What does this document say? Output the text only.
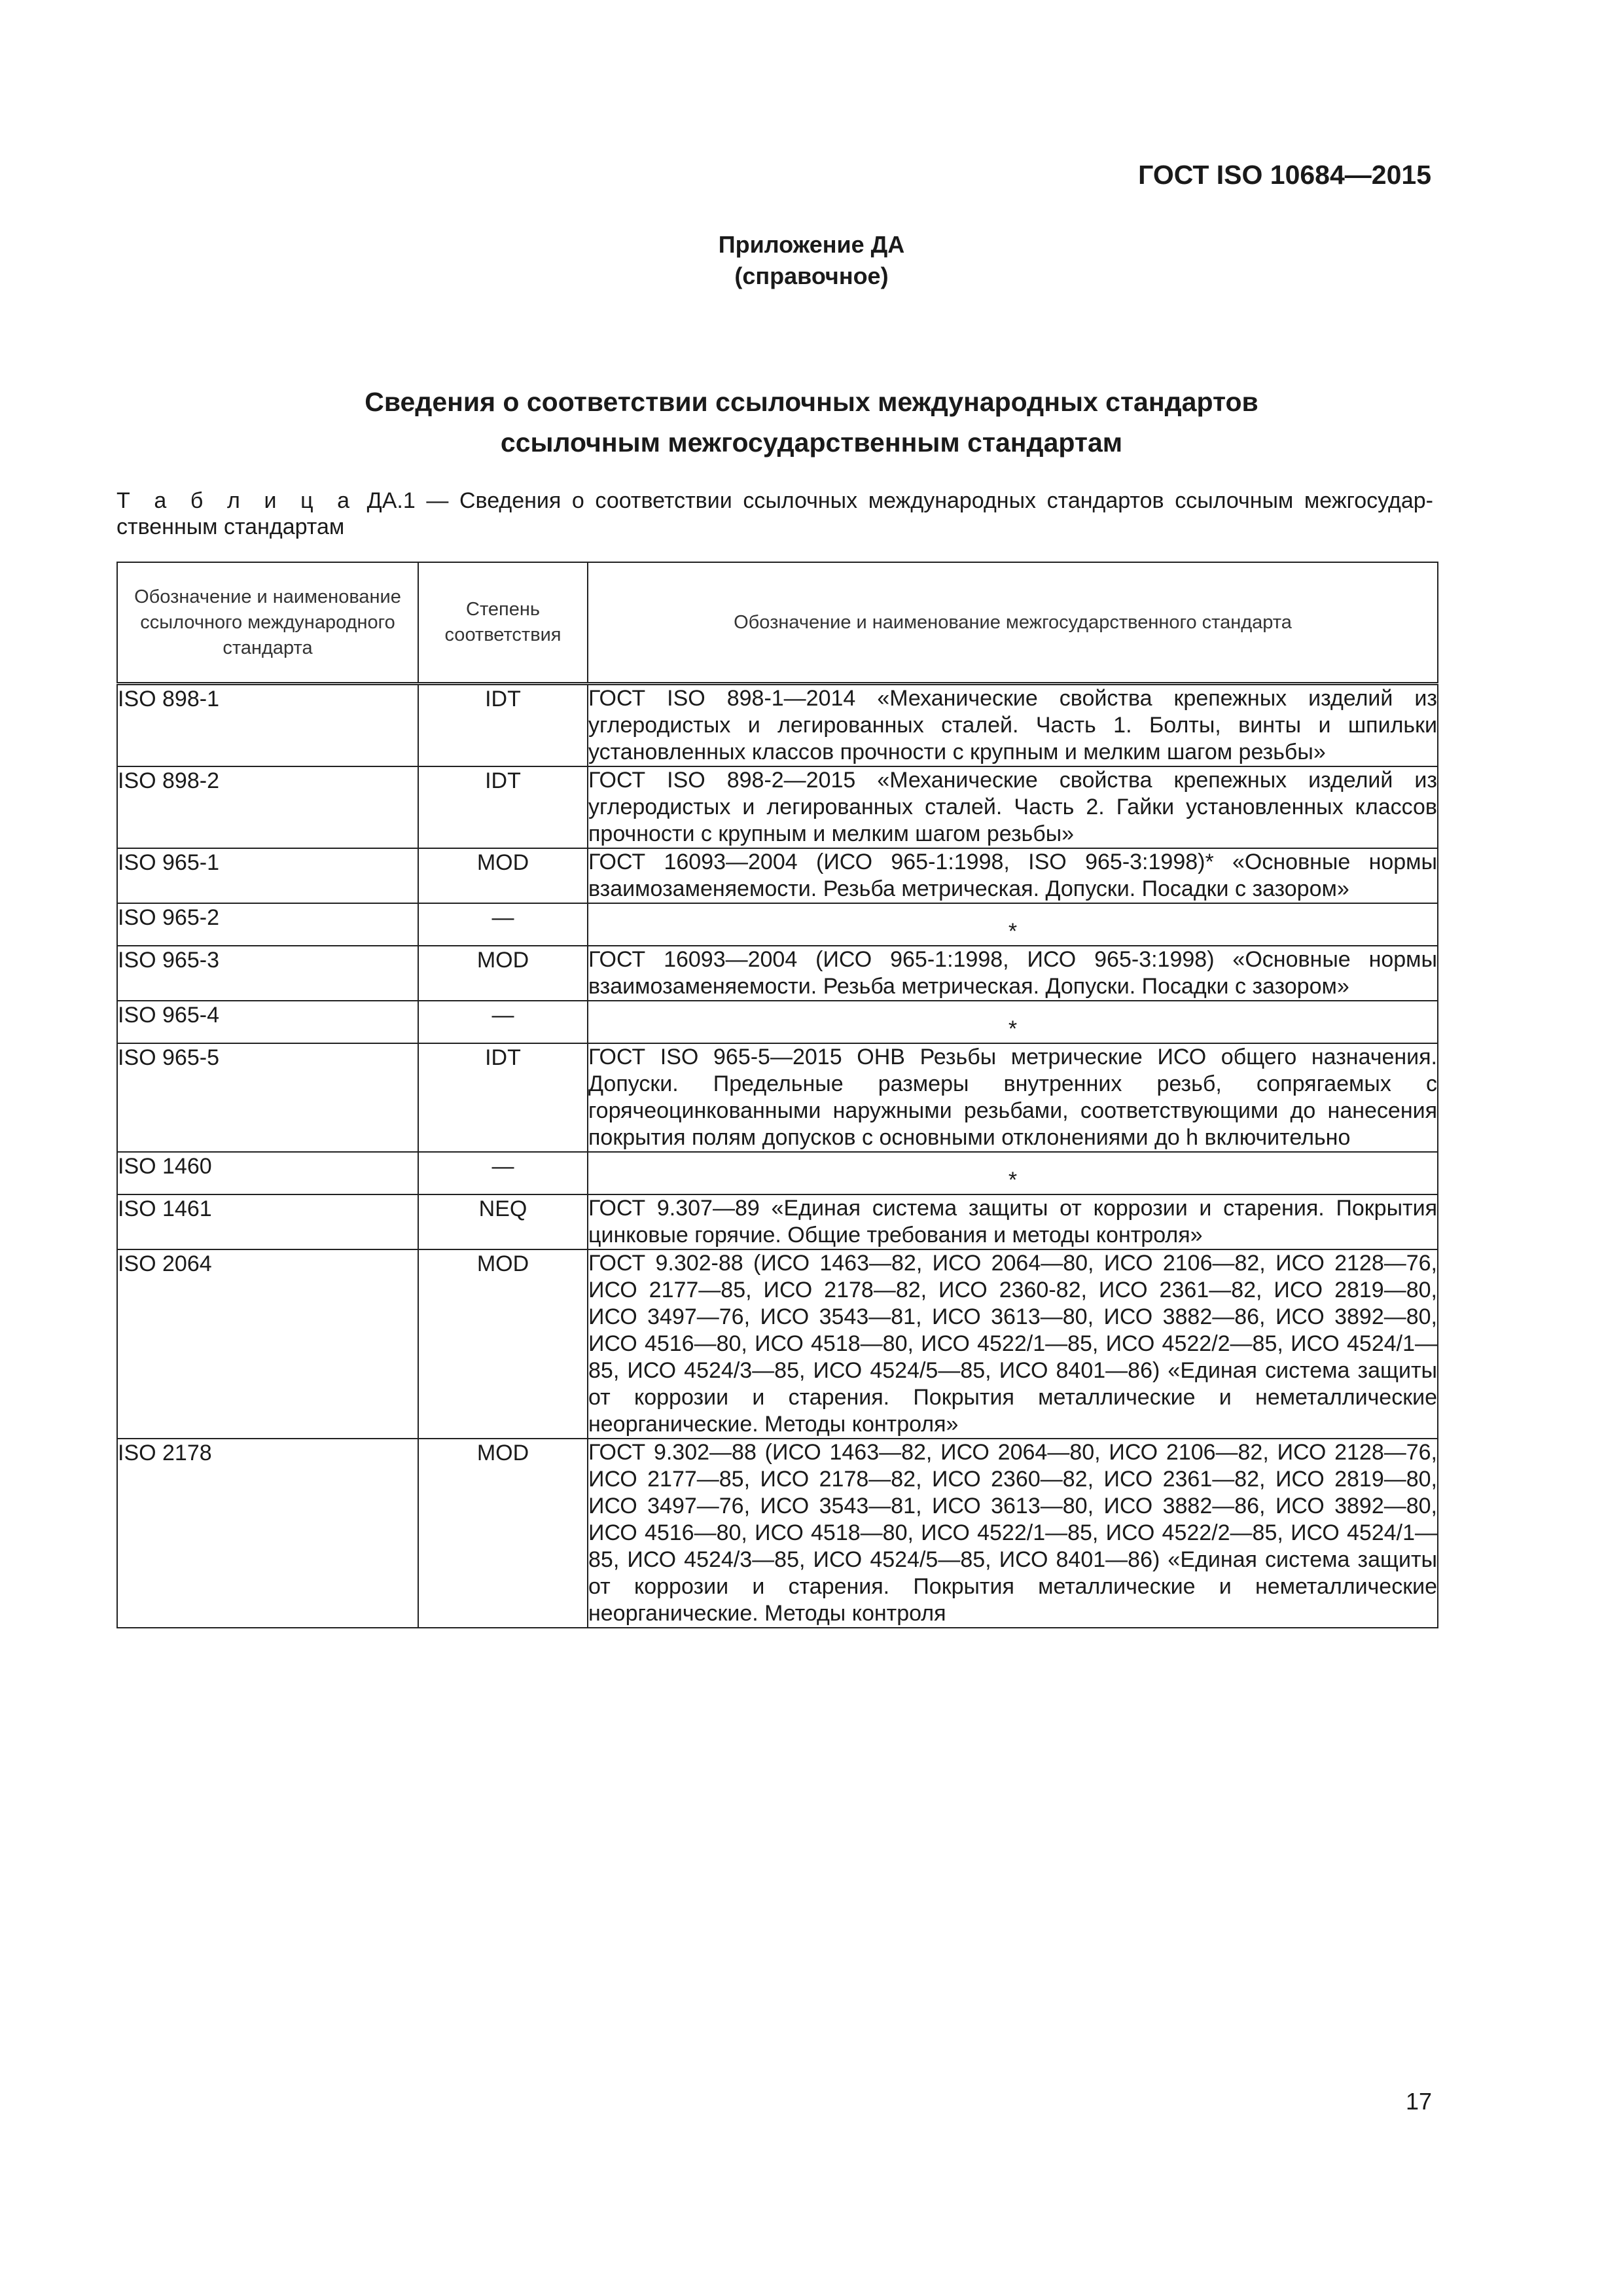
ГОСТ ISO 10684—2015
Приложение ДА
(справочное)
Сведения о соответствии ссылочных международных стандартов
ссылочным межгосударственным стандартам
Т а б л и ц а ДА.1 — Сведения о соответствии ссылочных международных стандартов ссылочным межгосудар-
ственным стандартам
Обозначение и наименование ссылочного международного стандарта	Степень соответствия	Обозначение и наименование межгосударственного стандарта
ISO 898-1	IDT	ГОСТ ISO 898-1—2014 «Механические свойства крепежных изделий из углеродистых и легированных сталей. Часть 1. Болты, винты и шпильки установленных классов прочности с крупным и мелким шагом резьбы»
ISO 898-2	IDT	ГОСТ ISO 898-2—2015 «Механические свойства крепежных изделий из углеродистых и легированных сталей. Часть 2. Гайки установленных классов прочности с крупным и мелким шагом резьбы»
ISO 965-1	MOD	ГОСТ 16093—2004 (ИСО 965-1:1998, ISO 965-3:1998)* «Основные нормы взаимозаменяемости. Резьба метрическая. Допуски. Посадки с зазором»
ISO 965-2	—	*
ISO 965-3	MOD	ГОСТ 16093—2004 (ИСО 965-1:1998, ИСО 965-3:1998) «Основные нормы взаимозаменяемости. Резьба метрическая. Допуски. Посадки с зазором»
ISO 965-4	—	*
ISO 965-5	IDT	ГОСТ ISO 965-5—2015 ОНВ Резьбы метрические ИСО общего назначения. Допуски. Предельные размеры внутренних резьб, сопрягаемых с горячеоцинкованными наружными резьбами, соответствующими до нанесения покрытия полям допусков с основными отклонениями до h включительно
ISO 1460	—	*
ISO 1461	NEQ	ГОСТ 9.307—89 «Единая система защиты от коррозии и старения. Покрытия цинковые горячие. Общие требования и методы контроля»
ISO 2064	MOD	ГОСТ 9.302-88 (ИСО 1463—82, ИСО 2064—80, ИСО 2106—82, ИСО 2128—76, ИСО 2177—85, ИСО 2178—82, ИСО 2360-82, ИСО 2361—82, ИСО 2819—80, ИСО 3497—76, ИСО 3543—81, ИСО 3613—80, ИСО 3882—86, ИСО 3892—80, ИСО 4516—80, ИСО 4518—80, ИСО 4522/1—85, ИСО 4522/2—85, ИСО 4524/1—85, ИСО 4524/3—85, ИСО 4524/5—85, ИСО 8401—86) «Единая система защиты от коррозии и старения. Покрытия металлические и неметаллические неорганические. Методы контроля»
ISO 2178	MOD	ГОСТ 9.302—88 (ИСО 1463—82, ИСО 2064—80, ИСО 2106—82, ИСО 2128—76, ИСО 2177—85, ИСО 2178—82, ИСО 2360—82, ИСО 2361—82, ИСО 2819—80, ИСО 3497—76, ИСО 3543—81, ИСО 3613—80, ИСО 3882—86, ИСО 3892—80, ИСО 4516—80, ИСО 4518—80, ИСО 4522/1—85, ИСО 4522/2—85, ИСО 4524/1—85, ИСО 4524/3—85, ИСО 4524/5—85, ИСО 8401—86) «Единая система защиты от коррозии и старения. Покрытия металлические и неметаллические неорганические. Методы контроля
17
